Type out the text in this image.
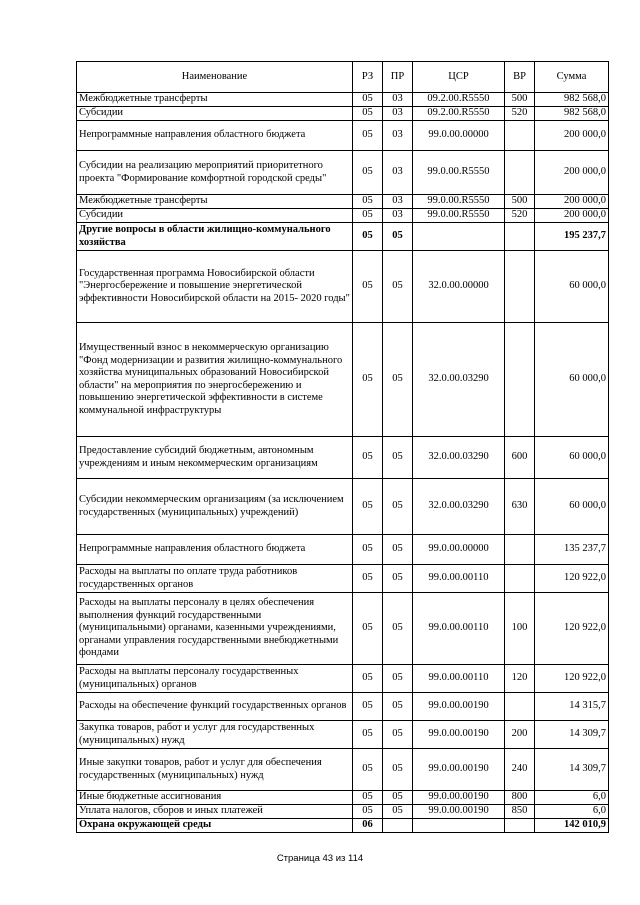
Наименование	РЗ	ПР	ЦСР	ВР	Сумма
Межбюджетные трансферты	05	03	09.2.00.R5550	500	982 568,0
Субсидии	05	03	09.2.00.R5550	520	982 568,0
Непрограммные направления областного бюджета	05	03	99.0.00.00000		200 000,0
Субсидии на реализацию мероприятий приоритетного проекта "Формирование комфортной городской среды"	05	03	99.0.00.R5550		200 000,0
Межбюджетные трансферты	05	03	99.0.00.R5550	500	200 000,0
Субсидии	05	03	99.0.00.R5550	520	200 000,0
Другие вопросы в области жилищно-коммунального хозяйства	05	05			195 237,7
Государственная программа Новосибирской области "Энергосбережение и повышение энергетической эффективности Новосибирской области на 2015- 2020 годы"	05	05	32.0.00.00000		60 000,0
Имущественный взнос в некоммерческую организацию "Фонд модернизации и развития жилищно-коммунального хозяйства муниципальных образований Новосибирской области" на мероприятия по энергосбережению и повышению энергетической эффективности в системе коммунальной инфраструктуры	05	05	32.0.00.03290		60 000,0
Предоставление субсидий бюджетным, автономным учреждениям и иным некоммерческим организациям	05	05	32.0.00.03290	600	60 000,0
Субсидии некоммерческим организациям (за исключением государственных (муниципальных) учреждений)	05	05	32.0.00.03290	630	60 000,0
Непрограммные направления областного бюджета	05	05	99.0.00.00000		135 237,7
Расходы на выплаты по оплате труда работников государственных органов	05	05	99.0.00.00110		120 922,0
Расходы на выплаты персоналу в целях обеспечения выполнения функций государственными (муниципальными) органами, казенными учреждениями, органами управления государственными внебюджетными фондами	05	05	99.0.00.00110	100	120 922,0
Расходы на выплаты персоналу государственных (муниципальных) органов	05	05	99.0.00.00110	120	120 922,0
Расходы на обеспечение функций государственных органов	05	05	99.0.00.00190		14 315,7
Закупка товаров, работ и услуг для государственных (муниципальных) нужд	05	05	99.0.00.00190	200	14 309,7
Иные закупки товаров, работ и услуг для обеспечения государственных (муниципальных) нужд	05	05	99.0.00.00190	240	14 309,7
Иные бюджетные ассигнования	05	05	99.0.00.00190	800	6,0
Уплата налогов, сборов и иных платежей	05	05	99.0.00.00190	850	6,0
Охрана окружающей среды	06				142 010,9
Страница 43 из 114
